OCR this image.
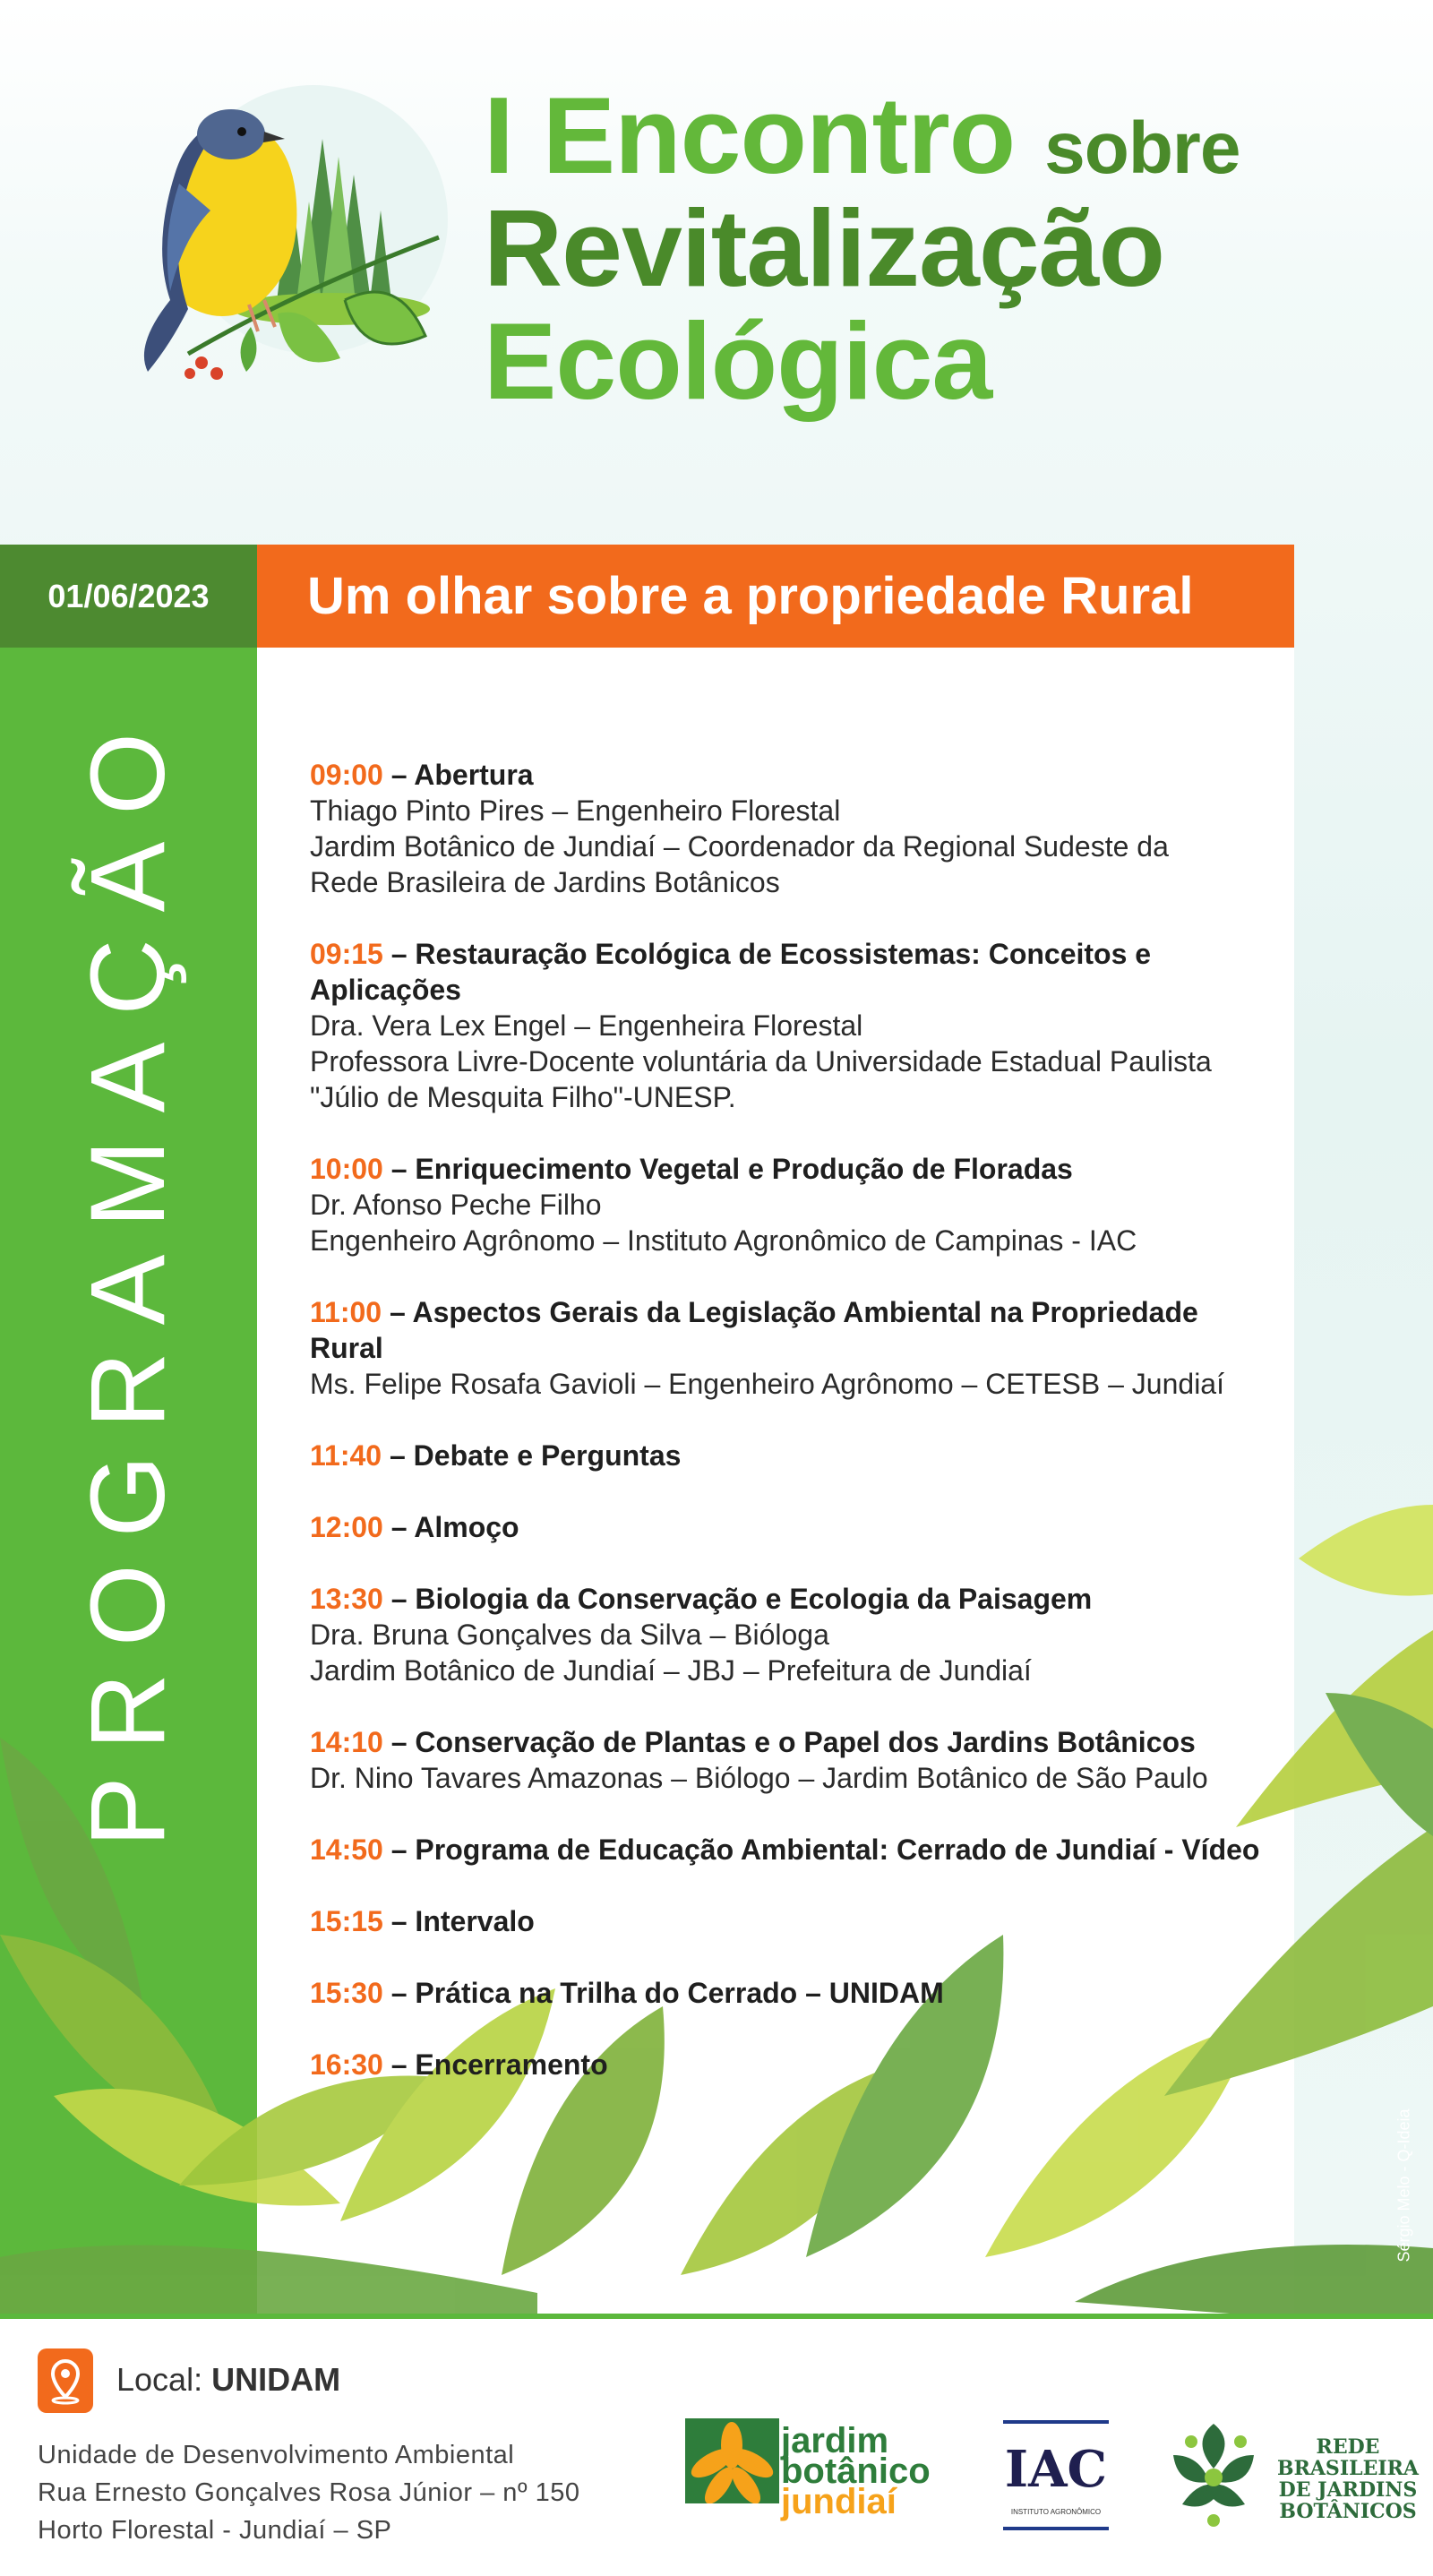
I Encontro sobre
Revitalização
Ecológica
01/06/2023	Um olhar sobre a propriedade Rural
PROGRAMAÇÃO	09:00 – Abertura
Thiago Pinto Pires – Engenheiro Florestal
Jardim Botânico de Jundiaí – Coordenador da Regional Sudeste da
Rede Brasileira de Jardins Botânicos
09:15 – Restauração Ecológica de Ecossistemas: Conceitos e Aplicações
Dra. Vera Lex Engel – Engenheira Florestal
Professora Livre-Docente voluntária da Universidade Estadual Paulista
"Júlio de Mesquita Filho"-UNESP.
10:00 – Enriquecimento Vegetal e Produção de Floradas
Dr. Afonso Peche Filho
Engenheiro Agrônomo – Instituto Agronômico de Campinas - IAC
11:00 – Aspectos Gerais da Legislação Ambiental na Propriedade Rural
Ms. Felipe Rosafa Gavioli – Engenheiro Agrônomo – CETESB – Jundiaí
11:40 – Debate e Perguntas
12:00 – Almoço
13:30 – Biologia da Conservação e Ecologia da Paisagem
Dra. Bruna Gonçalves da Silva – Bióloga
Jardim Botânico de Jundiaí – JBJ – Prefeitura de Jundiaí
14:10 – Conservação de Plantas e o Papel dos Jardins Botânicos
Dr. Nino Tavares Amazonas – Biólogo – Jardim Botânico de São Paulo
14:50 – Programa de Educação Ambiental: Cerrado de Jundiaí - Vídeo
15:15 – Intervalo
15:30 – Prática na Trilha do Cerrado – UNIDAM
16:30 – Encerramento
Sérgio Melo - Q-Ideia
Local: UNIDAM
Unidade de Desenvolvimento Ambiental
Rua Ernesto Gonçalves Rosa Júnior – nº 150
Horto Florestal - Jundiaí – SP
jardim
botânico
jundiaí
IAC
INSTITUTO AGRONÔMICO
REDE BRASILEIRA
DE JARDINS
BOTÂNICOS
